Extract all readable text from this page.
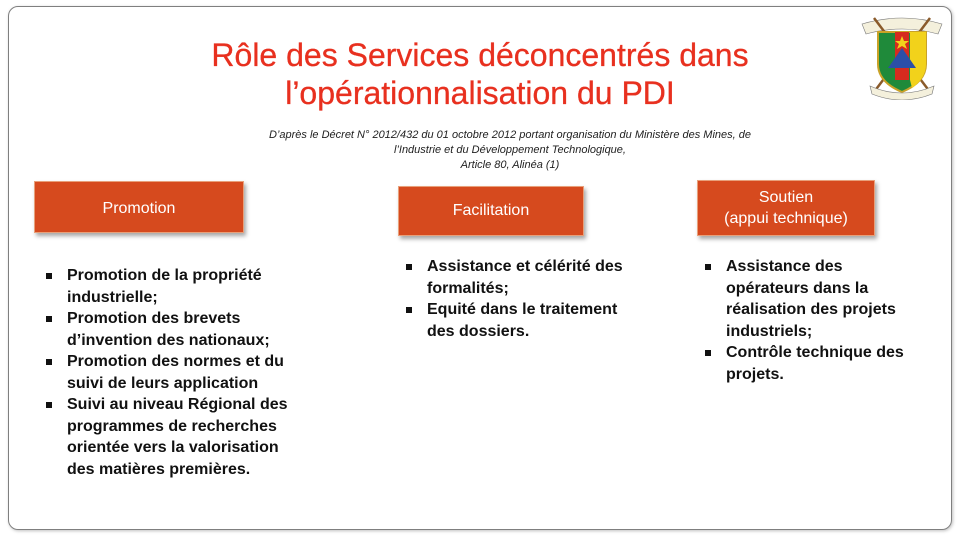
Rôle des Services déconcentrés dans
l’opérationnalisation du PDI
D’après le Décret N° 2012/432 du 01 octobre 2012 portant organisation du Ministère des Mines, de
l’Industrie et du Développement Technologique,
Article 80, Alinéa (1)
Promotion	Facilitation
Soutien
(appui technique)
Promotion de la propriété industrielle;
Promotion des brevets d’invention des nationaux;
Promotion des normes et du suivi de leurs application
Suivi au niveau Régional des programmes de recherches orientée vers la valorisation des matières premières.
Assistance et célérité des formalités;
Equité dans le traitement des dossiers.
Assistance des opérateurs dans la réalisation des projets industriels;
Contrôle technique des projets.
